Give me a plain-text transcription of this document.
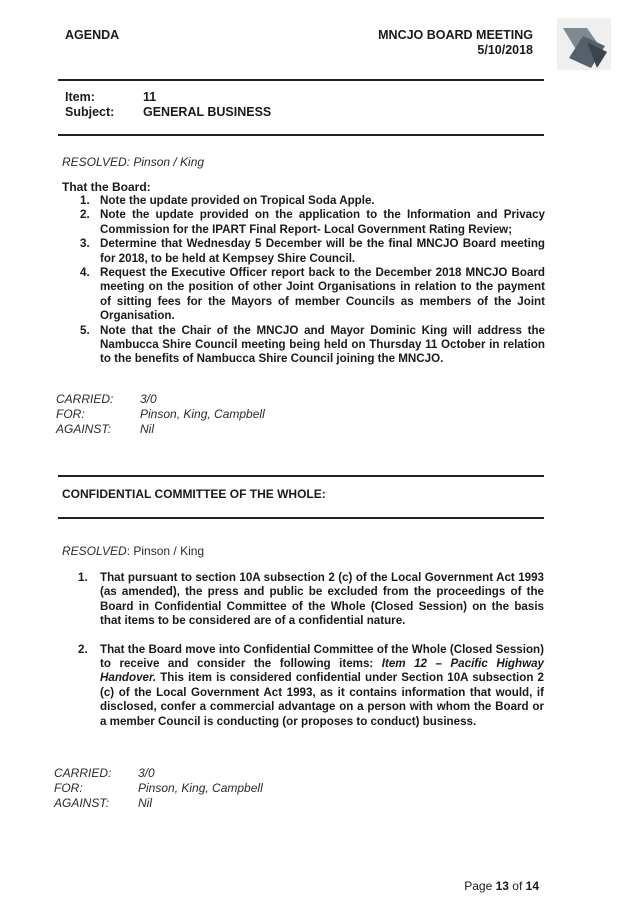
AGENDA	MNCJO BOARD MEETING
5/10/2018
Item:	11
Subject: GENERAL BUSINESS
RESOLVED: Pinson / King
That the Board:
1. Note the update provided on Tropical Soda Apple.
2. Note the update provided on the application to the Information and Privacy Commission for the IPART Final Report- Local Government Rating Review;
3. Determine that Wednesday 5 December will be the final MNCJO Board meeting for 2018, to be held at Kempsey Shire Council.
4. Request the Executive Officer report back to the December 2018 MNCJO Board meeting on the position of other Joint Organisations in relation to the payment of sitting fees for the Mayors of member Councils as members of the Joint Organisation.
5. Note that the Chair of the MNCJO and Mayor Dominic King will address the Nambucca Shire Council meeting being held on Thursday 11 October in relation to the benefits of Nambucca Shire Council joining the MNCJO.
CARRIED: 3/0
FOR:	Pinson, King, Campbell
AGAINST: Nil
CONFIDENTIAL COMMITTEE OF THE WHOLE:
RESOLVED: Pinson / King
1. That pursuant to section 10A subsection 2 (c) of the Local Government Act 1993 (as amended), the press and public be excluded from the proceedings of the Board in Confidential Committee of the Whole (Closed Session) on the basis that items to be considered are of a confidential nature.
2. That the Board move into Confidential Committee of the Whole (Closed Session) to receive and consider the following items: Item 12 – Pacific Highway Handover. This item is considered confidential under Section 10A subsection 2 (c) of the Local Government Act 1993, as it contains information that would, if disclosed, confer a commercial advantage on a person with whom the Board or a member Council is conducting (or proposes to conduct) business.
CARRIED: 3/0
FOR:	Pinson, King, Campbell
AGAINST: Nil
Page 13 of 14
